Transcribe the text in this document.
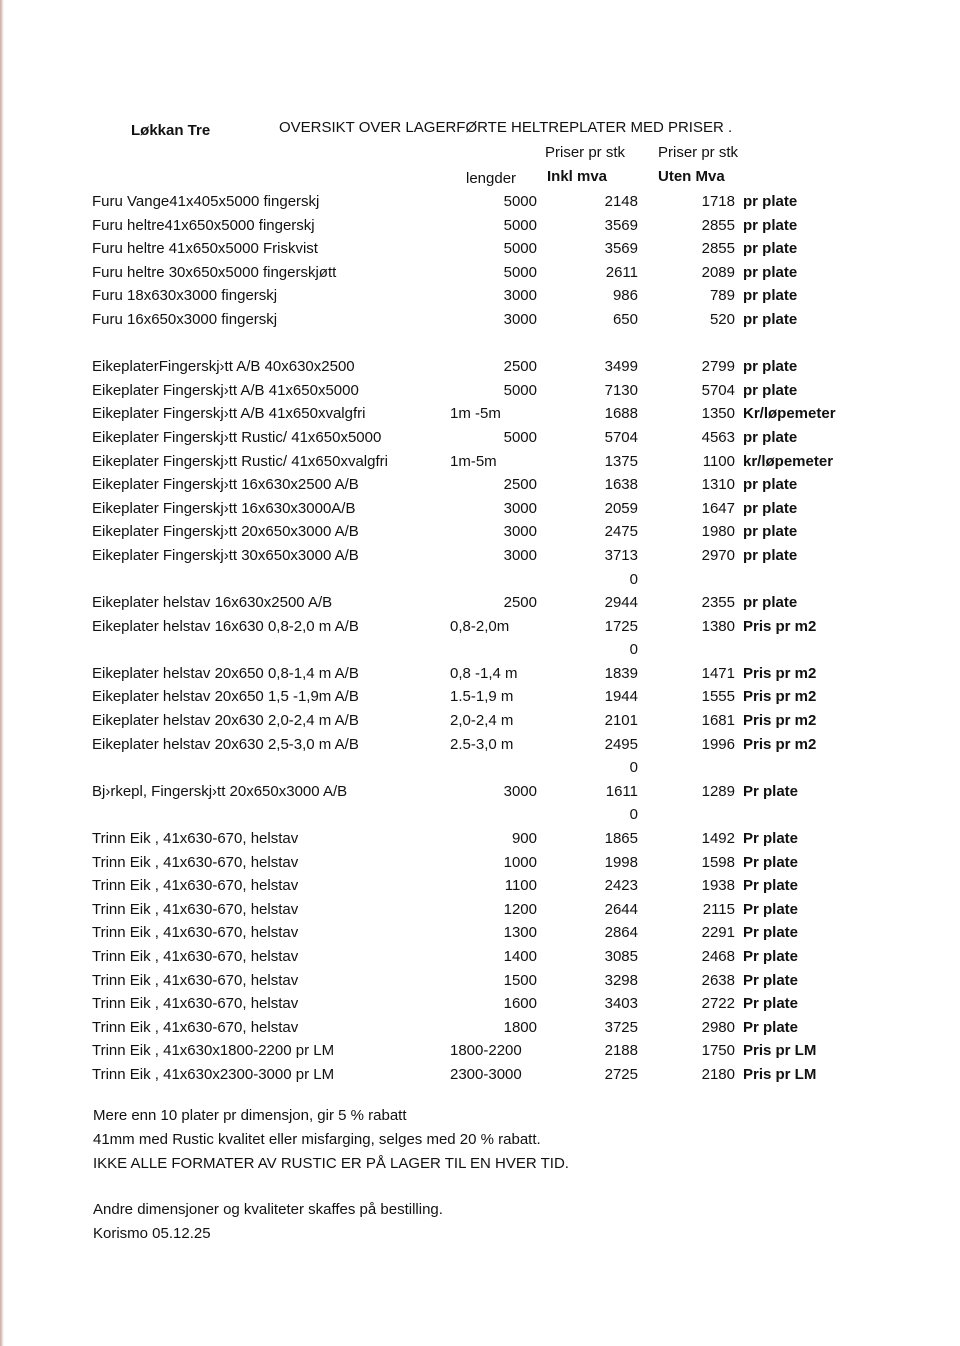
Løkkan Tre	OVERSIKT OVER LAGERFØRTE HELTREPLATER MED PRISER .
Priser pr stk Priser pr stk
lengder Inkl mva	Uten Mva
Furu Vange41x405x5000 fingerskj	5000	2148	1718 pr plate
Furu heltre41x650x5000 fingerskj	5000	3569	2855 pr plate
Furu heltre 41x650x5000 Friskvist	5000	3569	2855 pr plate
Furu heltre 30x650x5000 fingerskjøtt	5000	2611	2089 pr plate
Furu 18x630x3000 fingerskj	3000	986	789 pr plate
Furu 16x650x3000 fingerskj	3000	650	520 pr plate
EikeplaterFingerskj›tt A/B 40x630x2500	2500	3499	2799 pr plate
Eikeplater Fingerskj›tt A/B 41x650x5000	5000	7130	5704 pr plate
Eikeplater Fingerskj›tt A/B 41x650xvalgfri	1m -5m	1688	1350 Kr/løpemeter
Eikeplater Fingerskj›tt Rustic/ 41x650x5000	5000	5704	4563 pr plate
Eikeplater Fingerskj›tt Rustic/ 41x650xvalgfri	1m-5m	1375	1100 kr/løpemeter
Eikeplater Fingerskj›tt 16x630x2500 A/B	2500	1638	1310 pr plate
Eikeplater Fingerskj›tt 16x630x3000A/B	3000	2059	1647 pr plate
Eikeplater Fingerskj›tt 20x650x3000 A/B	3000	2475	1980 pr plate
Eikeplater Fingerskj›tt 30x650x3000 A/B	3000	3713	2970 pr plate
0
Eikeplater helstav 16x630x2500 A/B	2500	2944	2355 pr plate
Eikeplater helstav 16x630 0,8-2,0 m A/B	0,8-2,0m	1725	1380 Pris pr m2
0
Eikeplater helstav 20x650 0,8-1,4 m A/B	0,8 -1,4 m	1839	1471 Pris pr m2
Eikeplater helstav 20x650 1,5 -1,9m A/B	1.5-1,9 m	1944	1555 Pris pr m2
Eikeplater helstav 20x630 2,0-2,4 m A/B	2,0-2,4 m	2101	1681 Pris pr m2
Eikeplater helstav 20x630 2,5-3,0 m A/B	2.5-3,0 m	2495	1996 Pris pr m2
0
Bj›rkepl, Fingerskj›tt 20x650x3000 A/B	3000	1611	1289 Pr plate
0
Trinn Eik , 41x630-670, helstav	900	1865	1492 Pr plate
Trinn Eik , 41x630-670, helstav	1000	1998	1598 Pr plate
Trinn Eik , 41x630-670, helstav	1100	2423	1938 Pr plate
Trinn Eik , 41x630-670, helstav	1200	2644	2115 Pr plate
Trinn Eik , 41x630-670, helstav	1300	2864	2291 Pr plate
Trinn Eik , 41x630-670, helstav	1400	3085	2468 Pr plate
Trinn Eik , 41x630-670, helstav	1500	3298	2638 Pr plate
Trinn Eik , 41x630-670, helstav	1600	3403	2722 Pr plate
Trinn Eik , 41x630-670, helstav	1800	3725	2980 Pr plate
Trinn Eik , 41x630x1800-2200 pr LM	1800-2200	2188	1750 Pris pr LM
Trinn Eik , 41x630x2300-3000 pr LM	2300-3000	2725	2180 Pris pr LM
Mere enn 10 plater pr dimensjon, gir 5 % rabatt
41mm med Rustic kvalitet eller misfarging, selges med 20 % rabatt.
IKKE ALLE FORMATER AV RUSTIC ER PÅ LAGER TIL EN HVER TID.
Andre dimensjoner og kvaliteter skaffes på bestilling.
Korismo 05.12.25
